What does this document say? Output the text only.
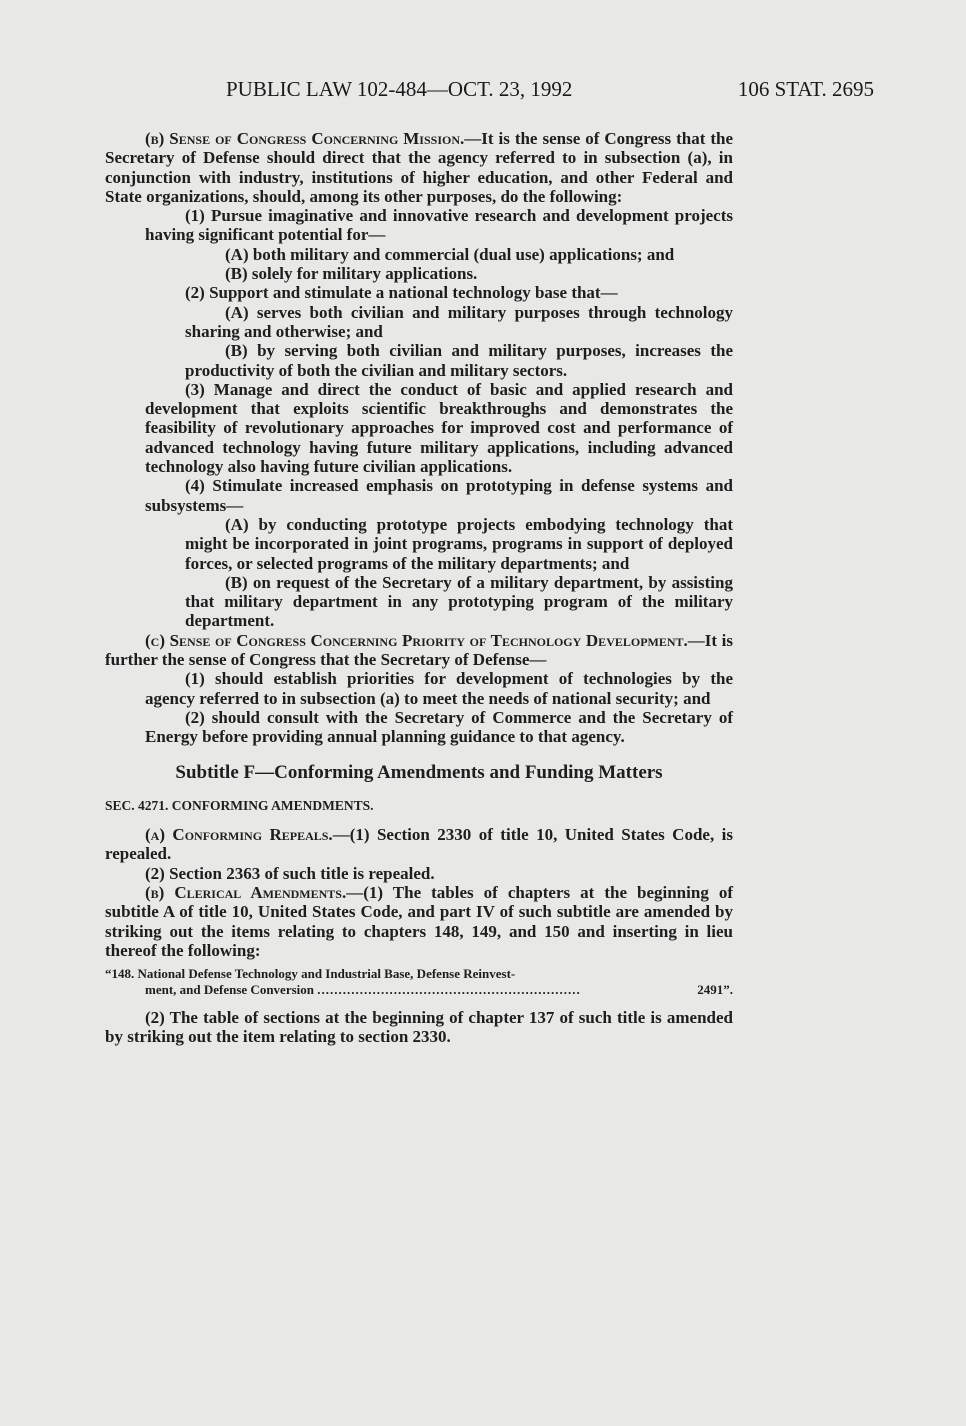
PUBLIC LAW 102-484—OCT. 23, 1992	106 STAT. 2695

(b) Sense of Congress Concerning Mission.—It is the sense of Congress that the Secretary of Defense should direct that the agency referred to in subsection (a), in conjunction with industry, institutions of higher education, and other Federal and State organizations, should, among its other purposes, do the following:

(1) Pursue imaginative and innovative research and development projects having significant potential for—

(A) both military and commercial (dual use) applications; and

(B) solely for military applications.

(2) Support and stimulate a national technology base that—

(A) serves both civilian and military purposes through technology sharing and otherwise; and

(B) by serving both civilian and military purposes, increases the productivity of both the civilian and military sectors.

(3) Manage and direct the conduct of basic and applied research and development that exploits scientific breakthroughs and demonstrates the feasibility of revolutionary approaches for improved cost and performance of advanced technology having future military applications, including advanced technology also having future civilian applications.

(4) Stimulate increased emphasis on prototyping in defense systems and subsystems—

(A) by conducting prototype projects embodying technology that might be incorporated in joint programs, programs in support of deployed forces, or selected programs of the military departments; and

(B) on request of the Secretary of a military department, by assisting that military department in any prototyping program of the military department.

(c) Sense of Congress Concerning Priority of Technology Development.—It is further the sense of Congress that the Secretary of Defense—

(1) should establish priorities for development of technologies by the agency referred to in subsection (a) to meet the needs of national security; and

(2) should consult with the Secretary of Commerce and the Secretary of Energy before providing annual planning guidance to that agency.

Subtitle F—Conforming Amendments and Funding Matters

SEC. 4271. CONFORMING AMENDMENTS.

(a) Conforming Repeals.—(1) Section 2330 of title 10, United States Code, is repealed.

(2) Section 2363 of such title is repealed.

(b) Clerical Amendments.—(1) The tables of chapters at the beginning of subtitle A of title 10, United States Code, and part IV of such subtitle are amended by striking out the items relating to chapters 148, 149, and 150 and inserting in lieu thereof the following:

“148. National Defense Technology and Industrial Base, Defense Reinvest-
ment, and Defense Conversion ..............................................................	2491”.

(2) The table of sections at the beginning of chapter 137 of such title is amended by striking out the item relating to section 2330.
